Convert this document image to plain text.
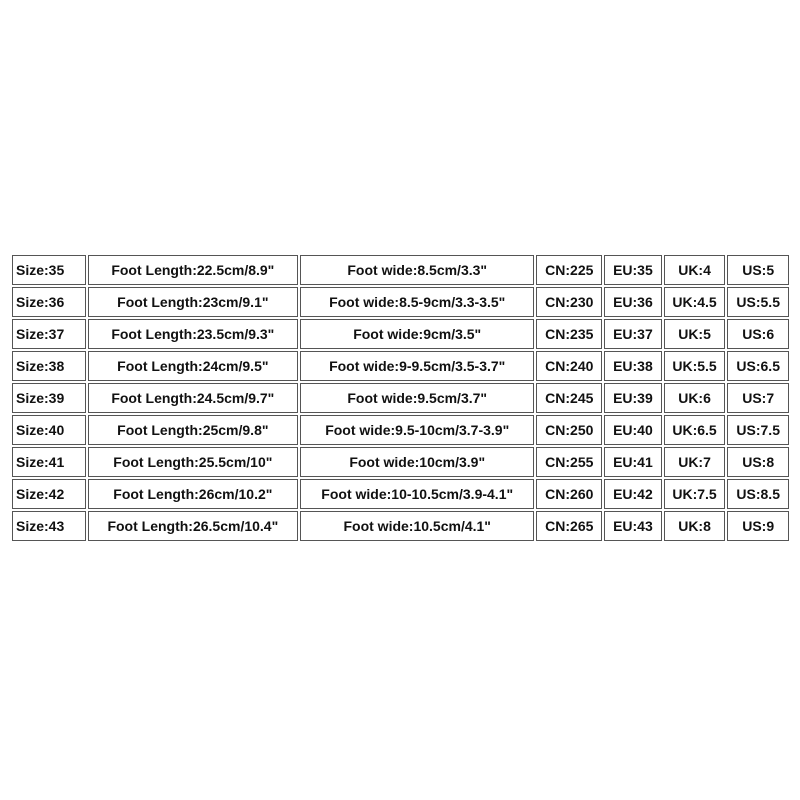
Size:35	Foot Length:22.5cm/8.9"	Foot wide:8.5cm/3.3"	CN:225	EU:35	UK:4	US:5
Size:36	Foot Length:23cm/9.1"	Foot wide:8.5-9cm/3.3-3.5"	CN:230	EU:36	UK:4.5	US:5.5
Size:37	Foot Length:23.5cm/9.3"	Foot wide:9cm/3.5"	CN:235	EU:37	UK:5	US:6
Size:38	Foot Length:24cm/9.5"	Foot wide:9-9.5cm/3.5-3.7"	CN:240	EU:38	UK:5.5	US:6.5
Size:39	Foot Length:24.5cm/9.7"	Foot wide:9.5cm/3.7"	CN:245	EU:39	UK:6	US:7
Size:40	Foot Length:25cm/9.8"	Foot wide:9.5-10cm/3.7-3.9"	CN:250	EU:40	UK:6.5	US:7.5
Size:41	Foot Length:25.5cm/10"	Foot wide:10cm/3.9"	CN:255	EU:41	UK:7	US:8
Size:42	Foot Length:26cm/10.2"	Foot wide:10-10.5cm/3.9-4.1"	CN:260	EU:42	UK:7.5	US:8.5
Size:43	Foot Length:26.5cm/10.4"	Foot wide:10.5cm/4.1"	CN:265	EU:43	UK:8	US:9
